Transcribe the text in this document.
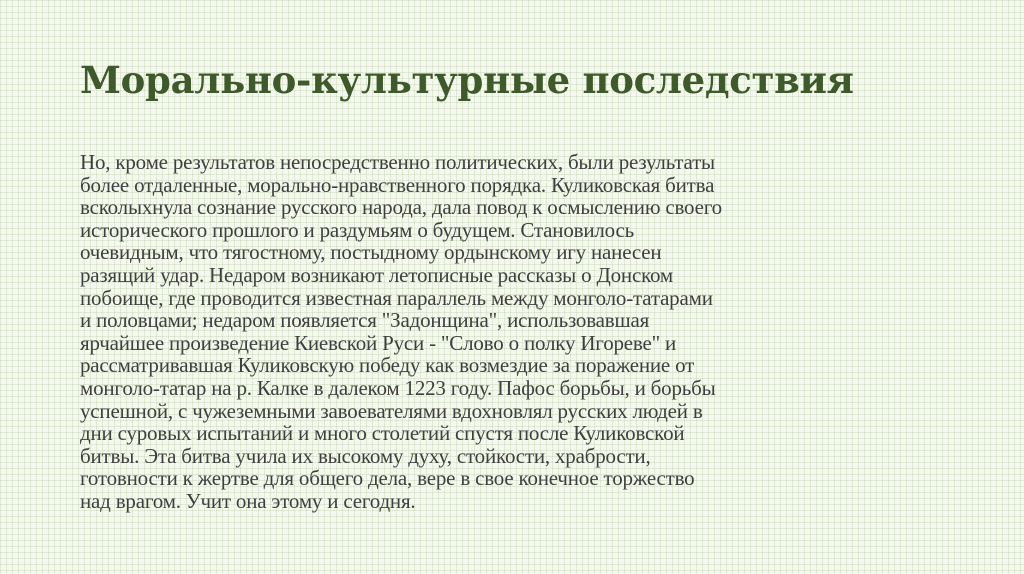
Морально-культурные последствия
Но, кроме результатов непосредственно политических, были результаты
более отдаленные, морально-нравственного порядка. Куликовская битва
всколыхнула сознание русского народа, дала повод к осмыслению своего
исторического прошлого и раздумьям о будущем. Становилось
очевидным, что тягостному, постыдному ордынскому игу нанесен
разящий удар. Недаром возникают летописные рассказы о Донском
побоище, где проводится известная параллель между монголо-татарами
и половцами; недаром появляется "Задонщина", использовавшая
ярчайшее произведение Киевской Руси - "Слово о полку Игореве" и
рассматривавшая Куликовскую победу как возмездие за поражение от
монголо-татар на р. Калке в далеком 1223 году. Пафос борьбы, и борьбы
успешной, с чужеземными завоевателями вдохновлял русских людей в
дни суровых испытаний и много столетий спустя после Куликовской
битвы. Эта битва учила их высокому духу, стойкости, храбрости,
готовности к жертве для общего дела, вере в свое конечное торжество
над врагом. Учит она этому и сегодня.
